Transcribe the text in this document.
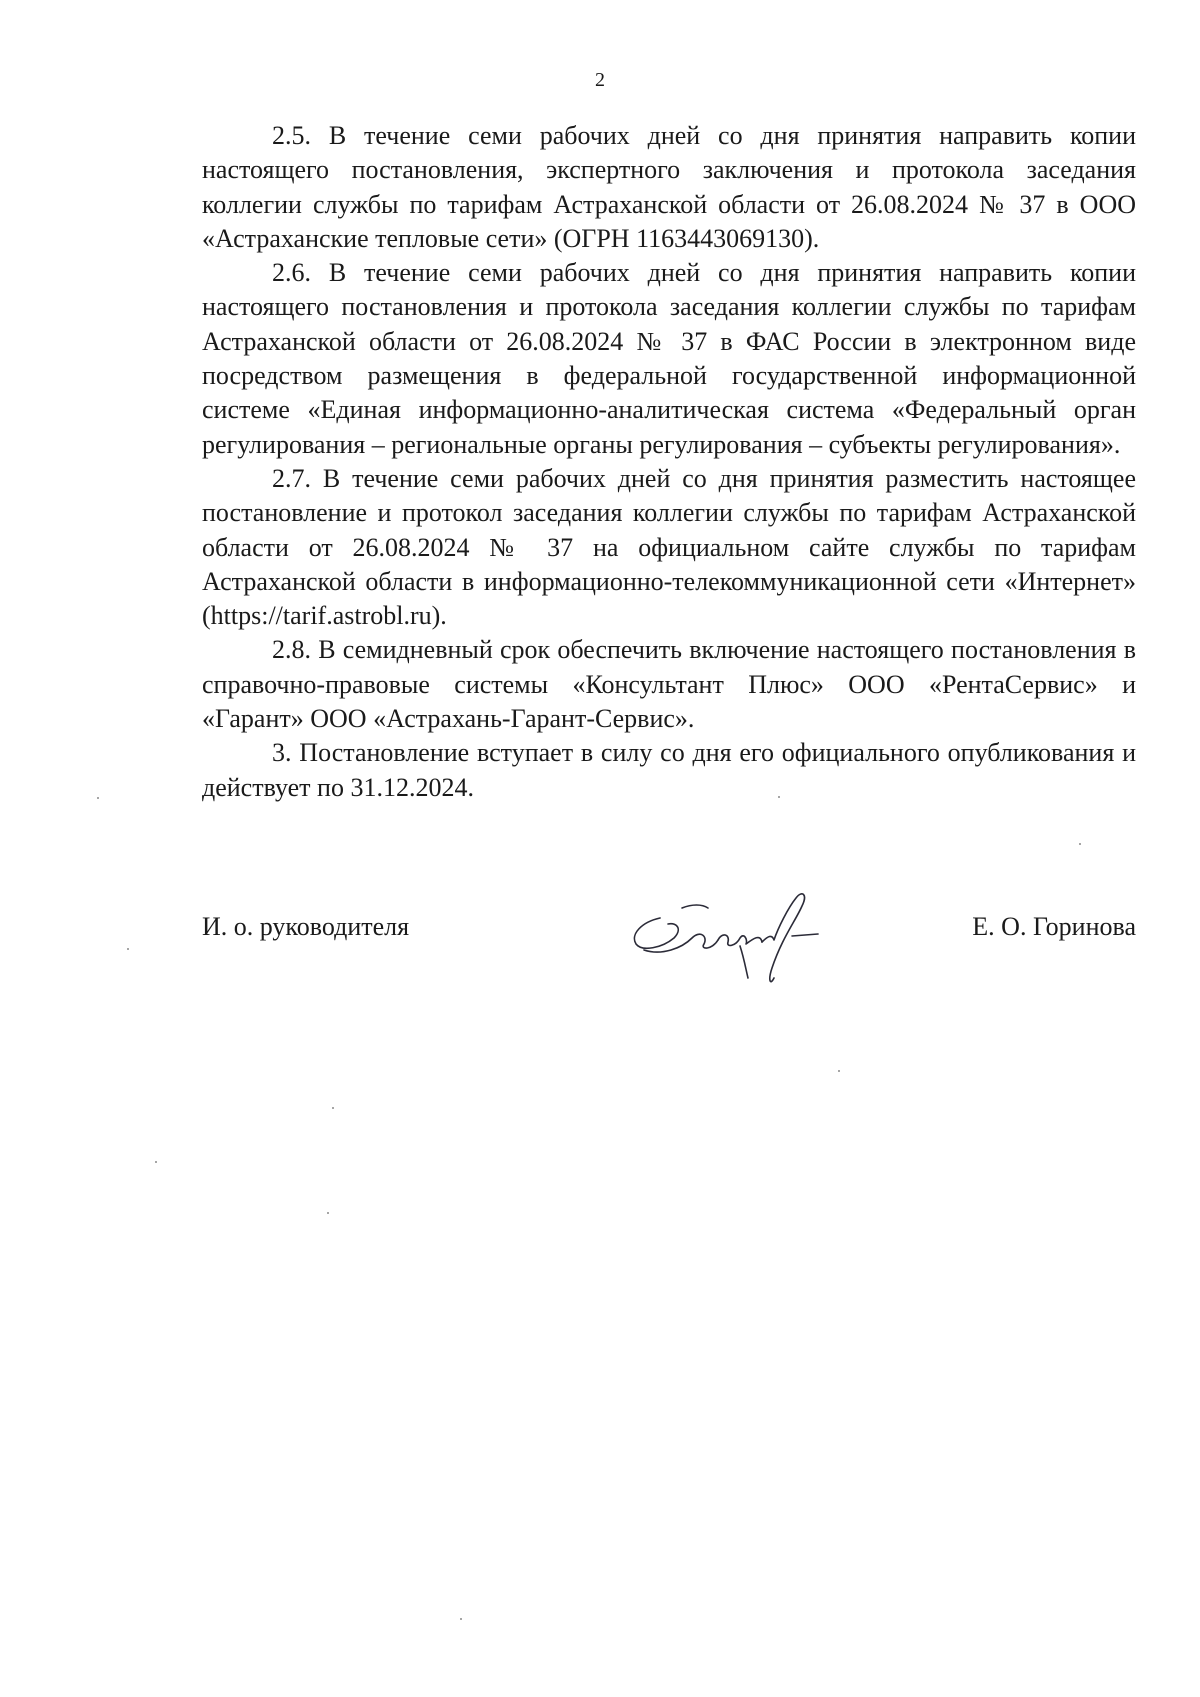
2

2.5. В течение семи рабочих дней со дня принятия направить копии настоящего постановления, экспертного заключения и протокола заседания коллегии службы по тарифам Астраханской области от 26.08.2024 № 37 в ООО «Астраханские тепловые сети» (ОГРН 1163443069130).

2.6. В течение семи рабочих дней со дня принятия направить копии настоящего постановления и протокола заседания коллегии службы по тарифам Астраханской области от 26.08.2024 № 37 в ФАС России в электронном виде посредством размещения в федеральной государственной информационной системе «Единая информационно-аналитическая система «Федеральный орган регулирования – региональные органы регулирования – субъекты регулирования».

2.7. В течение семи рабочих дней со дня принятия разместить настоящее постановление и протокол заседания коллегии службы по тарифам Астраханской области от 26.08.2024 № 37 на официальном сайте службы по тарифам Астраханской области в информационно-телекоммуникационной сети «Интернет» (https://tarif.astrobl.ru).

2.8. В семидневный срок обеспечить включение настоящего постановления в справочно-правовые системы «Консультант Плюс» ООО «РентаСервис» и «Гарант» ООО «Астрахань-Гарант-Сервис».

3. Постановление вступает в силу со дня его официального опубликования и действует по 31.12.2024.

И. о. руководителя	Е. О. Горинова
